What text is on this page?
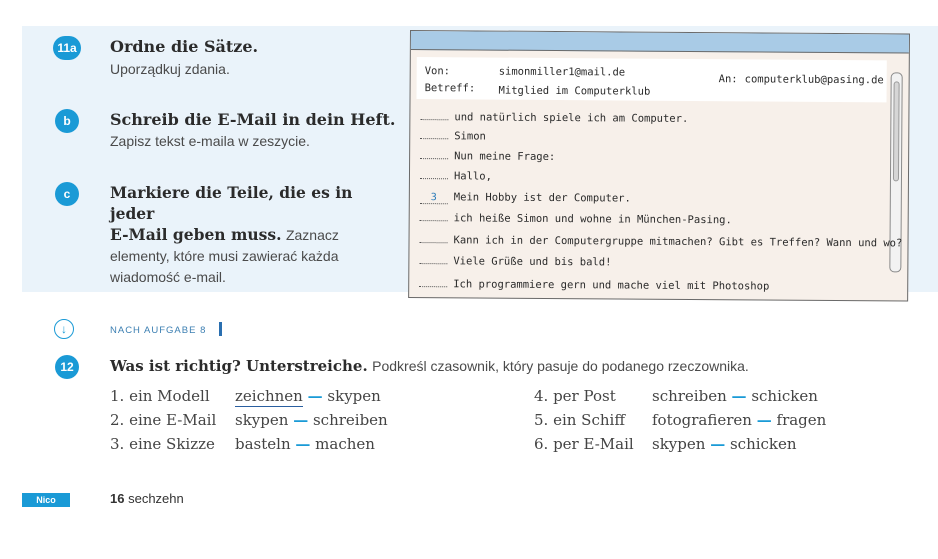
11a Ordne die Sätze.
Uporządkuj zdania.
b	Schreib die E-Mail in dein Heft.
Zapisz tekst e-maila w zeszycie.
c	Markiere die Teile, die es in jeder
E-Mail geben muss. Zaznacz
elementy, które musi zawierać każda
wiadomość e-mail.
Von:	simonmiller1@mail.de
An: computerklub@pasing.de
Betreff: Mitglied im Computerklub
und natürlich spiele ich am Computer.
Simon
Nun meine Frage:
Hallo,
3 Mein Hobby ist der Computer.
ich heiße Simon und wohne in München-Pasing.
Kann ich in der Computergruppe mitmachen? Gibt es Treffen? Wann und wo?
Viele Grüße und bis bald!
Ich programmiere gern und mache viel mit Photoshop
↓	NACH AUFGABE 8
12	Was ist richtig? Unterstreiche. Podkreśl czasownik, który pasuje do podanego rzeczownika.
1. ein Modell zeichnen — skypen
2. eine E-Mail skypen — schreiben
3. eine Skizze basteln — machen
4. per Post schreiben — schicken
5. ein Schiff fotografieren — fragen
6. per E-Mail skypen — schicken
Nico	16 sechzehn
